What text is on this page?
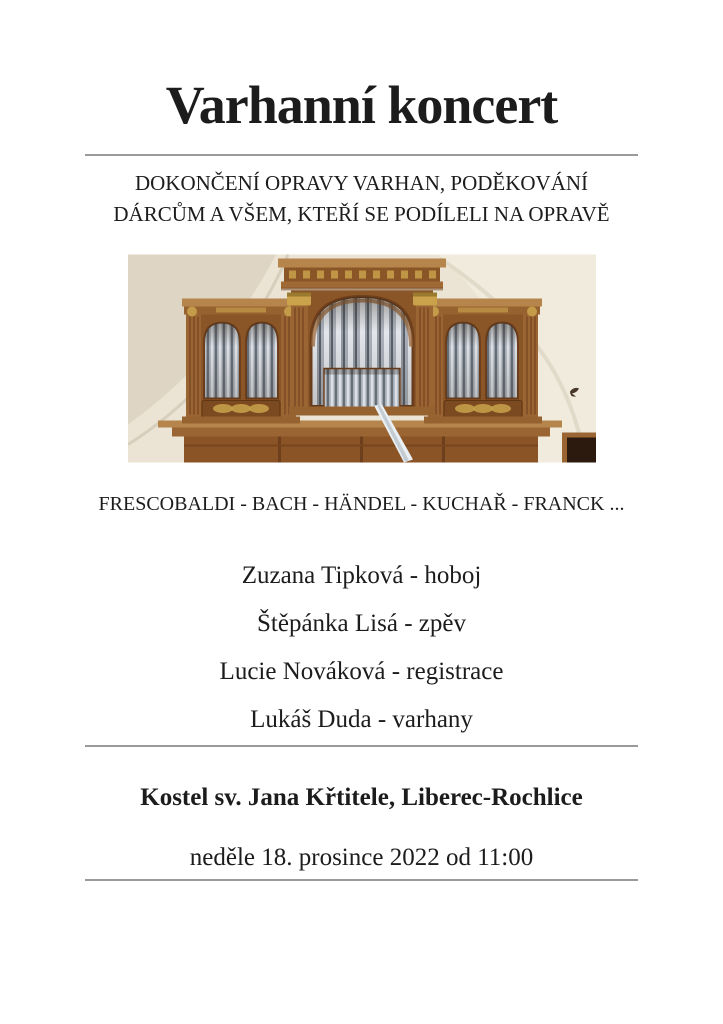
Varhanní koncert
DOKONČENÍ OPRAVY VARHAN, PODĚKOVÁNÍ
DÁRCŮM A VŠEM, KTEŘÍ SE PODÍLELI NA OPRAVĚ
FRESCOBALDI - BACH - HÄNDEL - KUCHAŘ - FRANCK ...
Zuzana Tipková - hoboj
Štěpánka Lisá - zpěv
Lucie Nováková - registrace
Lukáš Duda - varhany
Kostel sv. Jana Křtitele, Liberec-Rochlice
neděle 18. prosince 2022 od 11:00
